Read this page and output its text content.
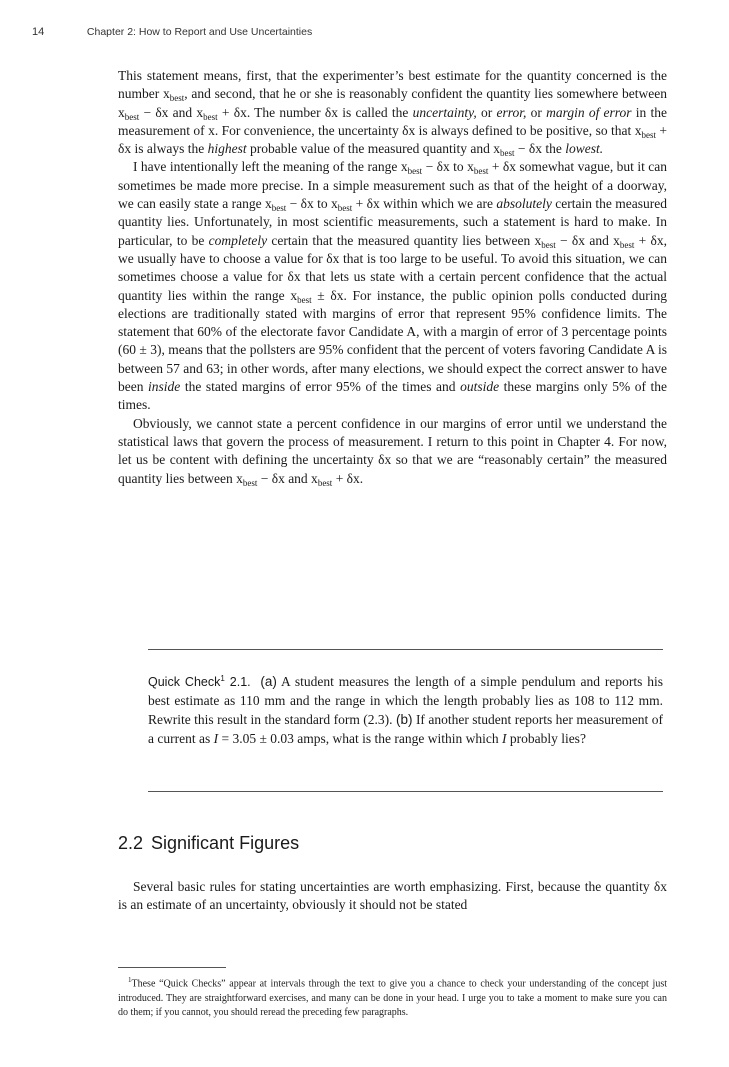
14	Chapter 2: How to Report and Use Uncertainties

This statement means, first, that the experimenter’s best estimate for the quantity concerned is the number $x_{best}$, and second, that he or she is reasonably confident the quantity lies somewhere between $x_{best} - \delta x$ and $x_{best} + \delta x$. The number δx is called the uncertainty, or error, or margin of error in the measurement of x. For convenience, the uncertainty δx is always defined to be positive, so that $x_{best} + \delta x$ is always the highest probable value of the measured quantity and $x_{best} - \delta x$ the lowest.

I have intentionally left the meaning of the range $x_{best} - \delta x$ to $x_{best} + \delta x$ somewhat vague, but it can sometimes be made more precise. In a simple measurement such as that of the height of a doorway, we can easily state a range $x_{best} - \delta x$ to $x_{best} + \delta x$ within which we are absolutely certain the measured quantity lies. Unfortunately, in most scientific measurements, such a statement is hard to make. In particular, to be completely certain that the measured quantity lies between $x_{best} - \delta x$ and $x_{best} + \delta x$, we usually have to choose a value for δx that is too large to be useful. To avoid this situation, we can sometimes choose a value for δx that lets us state with a certain percent confidence that the actual quantity lies within the range $x_{best} \pm \delta x$. For instance, the public opinion polls conducted during elections are traditionally stated with margins of error that represent 95% confidence limits. The statement that 60% of the electorate favor Candidate A, with a margin of error of 3 percentage points (60 ± 3), means that the pollsters are 95% confident that the percent of voters favoring Candidate A is between 57 and 63; in other words, after many elections, we should expect the correct answer to have been inside the stated margins of error 95% of the times and outside these margins only 5% of the times.

Obviously, we cannot state a percent confidence in our margins of error until we understand the statistical laws that govern the process of measurement. I return to this point in Chapter 4. For now, let us be content with defining the uncertainty δx so that we are “reasonably certain” the measured quantity lies between $x_{best} - \delta x$ and $x_{best} + \delta x$.

Quick Check$^1$ 2.1. (a) A student measures the length of a simple pendulum and reports his best estimate as 110 mm and the range in which the length probably lies as 108 to 112 mm. Rewrite this result in the standard form (2.3). (b) If another student reports her measurement of a current as I = 3.05 ± 0.03 amps, what is the range within which I probably lies?
2.2 Significant Figures

Several basic rules for stating uncertainties are worth emphasizing. First, because the quantity δx is an estimate of an uncertainty, obviously it should not be stated

$^1$These “Quick Checks” appear at intervals through the text to give you a chance to check your understanding of the concept just introduced. They are straightforward exercises, and many can be done in your head. I urge you to take a moment to make sure you can do them; if you cannot, you should reread the preceding few paragraphs.
